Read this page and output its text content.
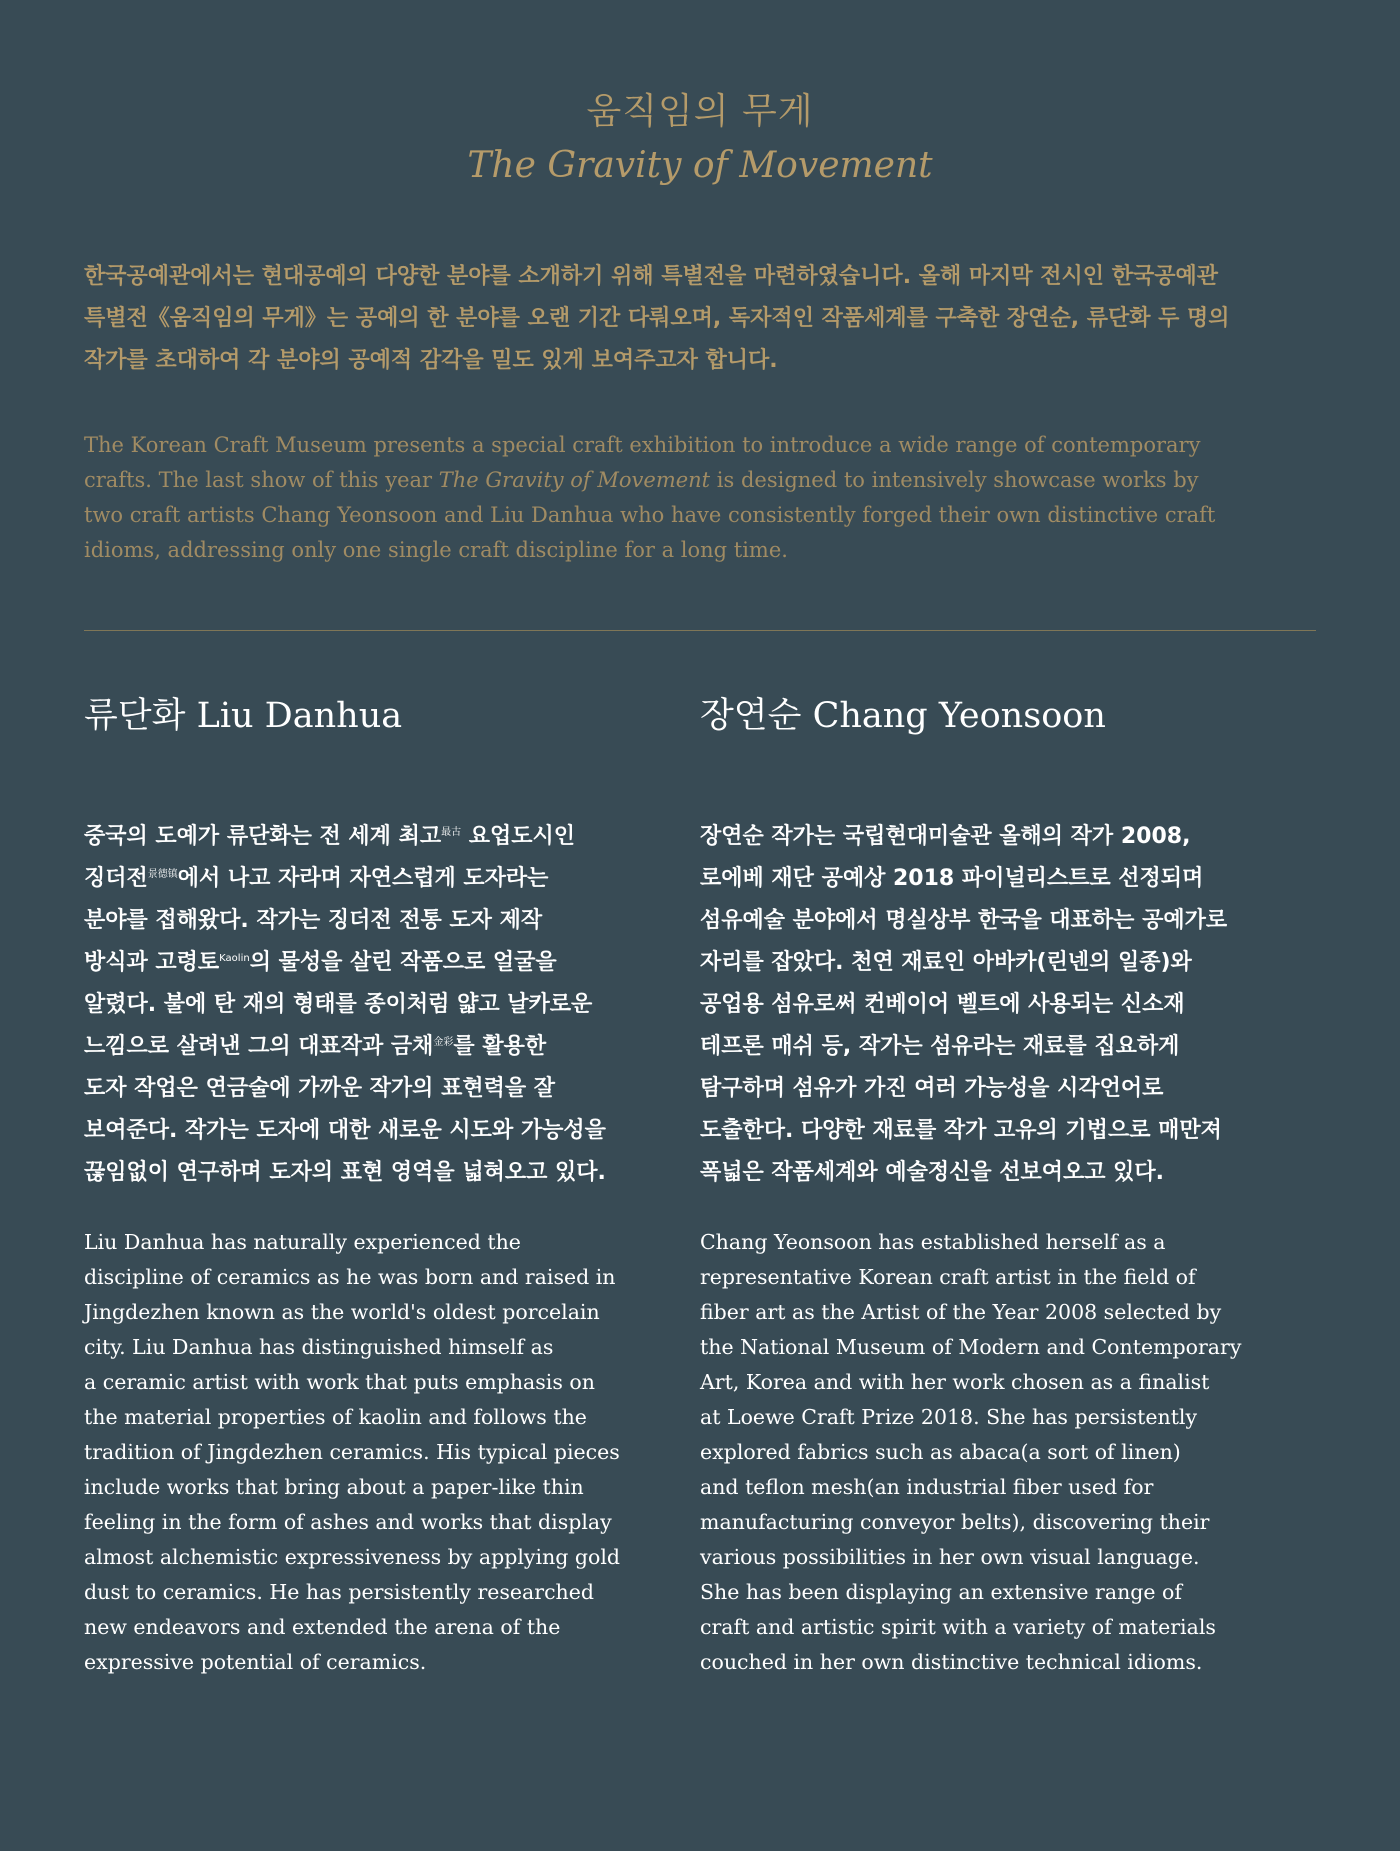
움직임의 무게
The Gravity of Movement
한국공예관에서는 현대공예의 다양한 분야를 소개하기 위해 특별전을 마련하였습니다. 올해 마지막 전시인 한국공예관
특별전《움직임의 무게》는 공예의 한 분야를 오랜 기간 다뤄오며, 독자적인 작품세계를 구축한 장연순, 류단화 두 명의
작가를 초대하여 각 분야의 공예적 감각을 밀도 있게 보여주고자 합니다.
The Korean Craft Museum presents a special craft exhibition to introduce a wide range of contemporary
crafts. The last show of this year The Gravity of Movement is designed to intensively showcase works by
two craft artists Chang Yeonsoon and Liu Danhua who have consistently forged their own distinctive craft
idioms, addressing only one single craft discipline for a long time.
류단화 Liu Danhua
중국의 도예가 류단화는 전 세계 최고$^{最古}$ 요업도시인
징더전$^{景德镇}$에서 나고 자라며 자연스럽게 도자라는
분야를 접해왔다. 작가는 징더전 전통 도자 제작
방식과 고령토$^{Kaolin}$의 물성을 살린 작품으로 얼굴을
알렸다. 불에 탄 재의 형태를 종이처럼 얇고 날카로운
느낌으로 살려낸 그의 대표작과 금채$^{金彩}$를 활용한
도자 작업은 연금술에 가까운 작가의 표현력을 잘
보여준다. 작가는 도자에 대한 새로운 시도와 가능성을
끊임없이 연구하며 도자의 표현 영역을 넓혀오고 있다.
Liu Danhua has naturally experienced the
discipline of ceramics as he was born and raised in
Jingdezhen known as the world's oldest porcelain
city. Liu Danhua has distinguished himself as
a ceramic artist with work that puts emphasis on
the material properties of kaolin and follows the
tradition of Jingdezhen ceramics. His typical pieces
include works that bring about a paper-like thin
feeling in the form of ashes and works that display
almost alchemistic expressiveness by applying gold
dust to ceramics. He has persistently researched
new endeavors and extended the arena of the
expressive potential of ceramics.
장연순 Chang Yeonsoon
장연순 작가는 국립현대미술관 올해의 작가 2008,
로에베 재단 공예상 2018 파이널리스트로 선정되며
섬유예술 분야에서 명실상부 한국을 대표하는 공예가로
자리를 잡았다. 천연 재료인 아바카(린넨의 일종)와
공업용 섬유로써 컨베이어 벨트에 사용되는 신소재
테프론 매쉬 등, 작가는 섬유라는 재료를 집요하게
탐구하며 섬유가 가진 여러 가능성을 시각언어로
도출한다. 다양한 재료를 작가 고유의 기법으로 매만져
폭넓은 작품세계와 예술정신을 선보여오고 있다.
Chang Yeonsoon has established herself as a
representative Korean craft artist in the field of
fiber art as the Artist of the Year 2008 selected by
the National Museum of Modern and Contemporary
Art, Korea and with her work chosen as a finalist
at Loewe Craft Prize 2018. She has persistently
explored fabrics such as abaca(a sort of linen)
and teflon mesh(an industrial fiber used for
manufacturing conveyor belts), discovering their
various possibilities in her own visual language.
She has been displaying an extensive range of
craft and artistic spirit with a variety of materials
couched in her own distinctive technical idioms.
